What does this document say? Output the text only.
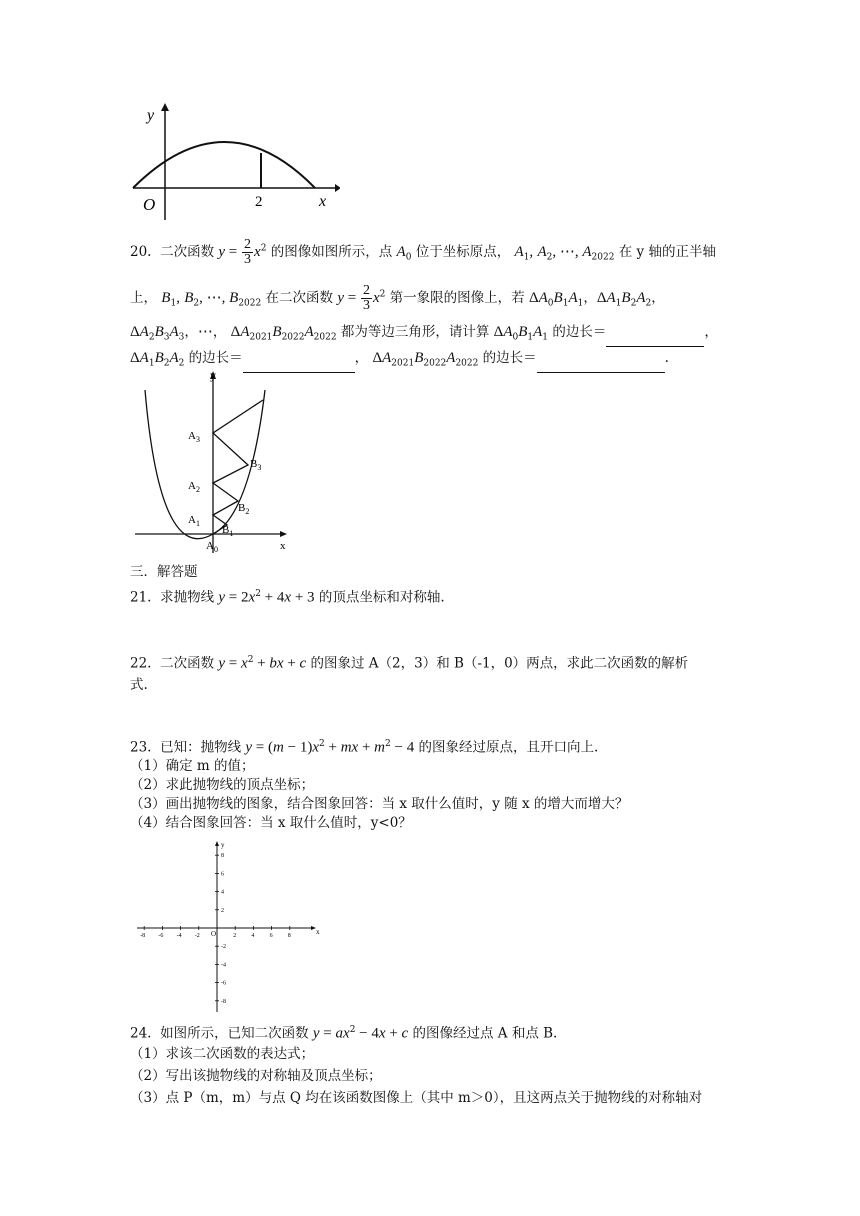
y
O	2	x
20. 二次函数 $y = \frac{2}{3} x^2$ 的图像如图所示，点 $A_0$ 位于坐标原点， $A_1$, $A_2$, ⋯, $A_{2022}$ 在 y 轴的正半轴
上， $B_1$, $B_2$, ⋯, $B_{2022}$ 在二次函数 $y = \frac{2}{3} x^2$ 第一象限的图像上，若 $\Delta A_0B_1A_1$，$\Delta A_1B_2A_2$，
$\Delta A_2B_3A_3$，⋯， $\Delta A_{2021}B_{2022}A_{2022}$ 都为等边三角形，请计算 $\Delta A_0B_1A_1$ 的边长＝	，
$\Delta A_1B_2A_2$ 的边长＝	， $\Delta A_{2021}B_{2022}A_{2022}$ 的边长＝	.
y
x
$A_0$
$A_1$
$A_2$
$A_3$
$B_1$
$B_2$
$B_3$
三．解答题
21. 求抛物线 $y = 2x^2 + 4x + 3$ 的顶点坐标和对称轴.
22. 二次函数 $y = x^2$ + bx + c 的图象过 A（2，3）和 B（-1，0）两点，求此二次函数的解析
式.
23. 已知：抛物线 $y = (m - 1)x^2$ + mx + $m^2 - 4$ 的图象经过原点，且开口向上.
（1）确定 m 的值；
（2）求此抛物线的顶点坐标；
（3）画出抛物线的图象，结合图象回答：当 x 取什么值时，y 随 x 的增大而增大？
（4）结合图象回答：当 x 取什么值时，y<0？
-8 -6 -4 -2	2	4	6	8
8
6
4
2
-2
-4
-6
-8
O	x
y
24. 如图所示，已知二次函数 $y = ax^2 - 4x + c$ 的图像经过点 A 和点 B.
（1）求该二次函数的表达式；
（2）写出该抛物线的对称轴及顶点坐标；
（3）点 P（m，m）与点 Q 均在该函数图像上（其中 m＞0），且这两点关于抛物线的对称轴对
